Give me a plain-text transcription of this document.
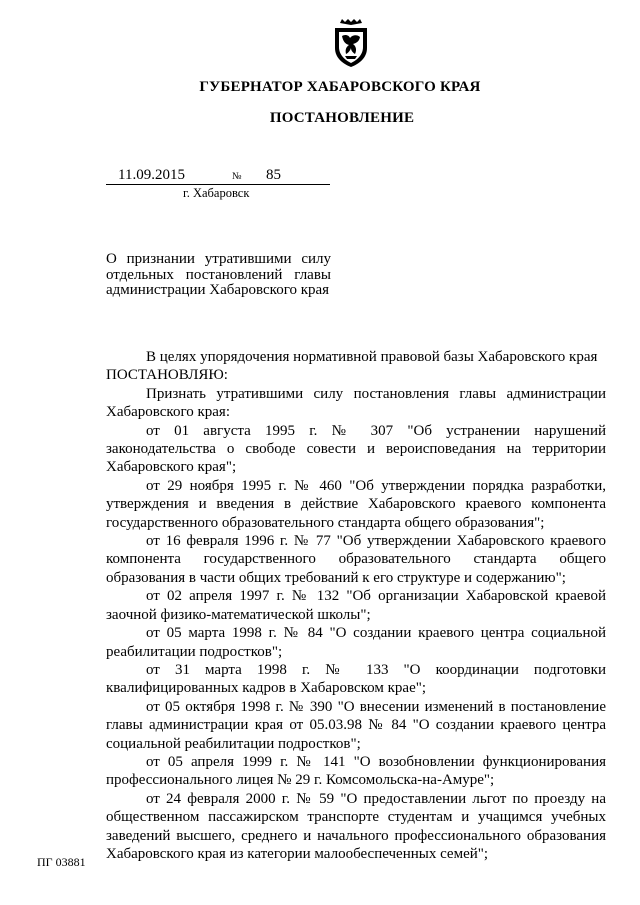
ГУБЕРНАТОР ХАБАРОВСКОГО КРАЯ
ПОСТАНОВЛЕНИЕ
11.09.2015	№ 85
г. Хабаровск
О признании утратившими силу отдельных постановлений главы администрации Хабаровского края

В целях упорядочения нормативной правовой базы Хабаровского края

ПОСТАНОВЛЯЮ:

Признать утратившими силу постановления главы администрации Хабаровского края:

от 01 августа 1995 г. № 307 "Об устранении нарушений законодательства о свободе совести и вероисповедания на территории Хабаровского края";

от 29 ноября 1995 г. № 460 "Об утверждении порядка разработки, утверждения и введения в действие Хабаровского краевого компонента государственного образовательного стандарта общего образования";

от 16 февраля 1996 г. № 77 "Об утверждении Хабаровского краевого компонента государственного образовательного стандарта общего образования в части общих требований к его структуре и содержанию";

от 02 апреля 1997 г. № 132 "Об организации Хабаровской краевой заочной физико-математической школы";

от 05 марта 1998 г. № 84 "О создании краевого центра социальной реабилитации подростков";

от 31 марта 1998 г. № 133 "О координации подготовки квалифицированных кадров в Хабаровском крае";

от 05 октября 1998 г. № 390 "О внесении изменений в постановление главы администрации края от 05.03.98 № 84 "О создании краевого центра социальной реабилитации подростков";

от 05 апреля 1999 г. № 141 "О возобновлении функционирования профессионального лицея № 29 г. Комсомольска-на-Амуре";

от 24 февраля 2000 г. № 59 "О предоставлении льгот по проезду на общественном пассажирском транспорте студентам и учащимся учебных заведений высшего, среднего и начального профессионального образования Хабаровского края из категории малообеспеченных семей";

ПГ 03881
